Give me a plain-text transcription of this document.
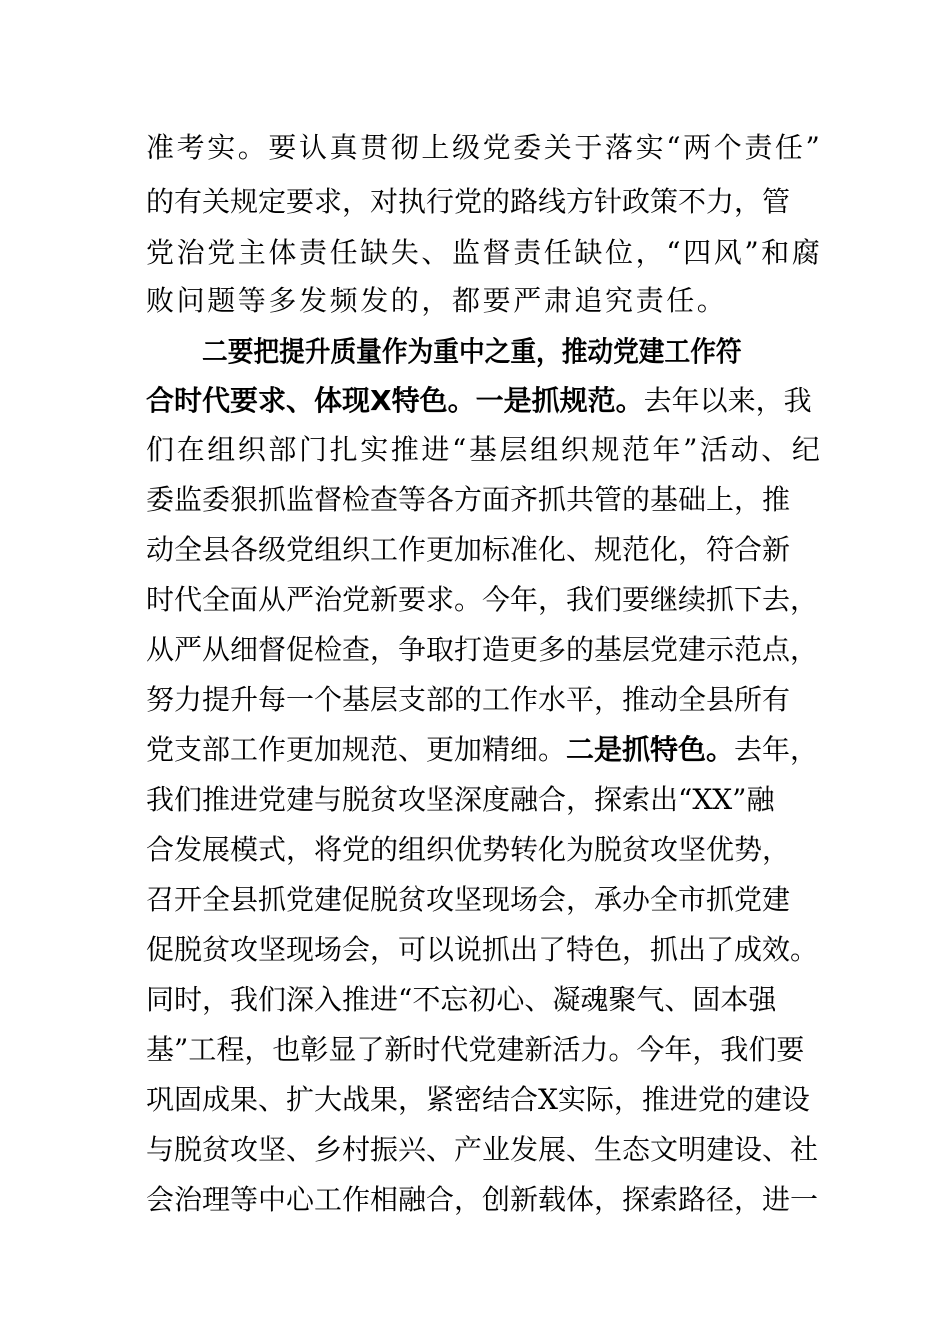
准考实。要认真贯彻上级党委关于落实“两个责任”
的有关规定要求，对执行党的路线方针政策不力，管
党治党主体责任缺失、监督责任缺位，“四风”和腐
败问题等多发频发的，都要严肃追究责任。
二要把提升质量作为重中之重，推动党建工作符
合时代要求、体现X特色。一是抓规范。去年以来，我
们在组织部门扎实推进“基层组织规范年”活动、纪
委监委狠抓监督检查等各方面齐抓共管的基础上，推
动全县各级党组织工作更加标准化、规范化，符合新
时代全面从严治党新要求。今年，我们要继续抓下去，
从严从细督促检查，争取打造更多的基层党建示范点，
努力提升每一个基层支部的工作水平，推动全县所有
党支部工作更加规范、更加精细。二是抓特色。去年，
我们推进党建与脱贫攻坚深度融合，探索出“XX”融
合发展模式，将党的组织优势转化为脱贫攻坚优势，
召开全县抓党建促脱贫攻坚现场会，承办全市抓党建
促脱贫攻坚现场会，可以说抓出了特色，抓出了成效。
同时，我们深入推进“不忘初心、凝魂聚气、固本强
基”工程，也彰显了新时代党建新活力。今年，我们要
巩固成果、扩大战果，紧密结合X实际，推进党的建设
与脱贫攻坚、乡村振兴、产业发展、生态文明建设、社
会治理等中心工作相融合，创新载体，探索路径，进一
